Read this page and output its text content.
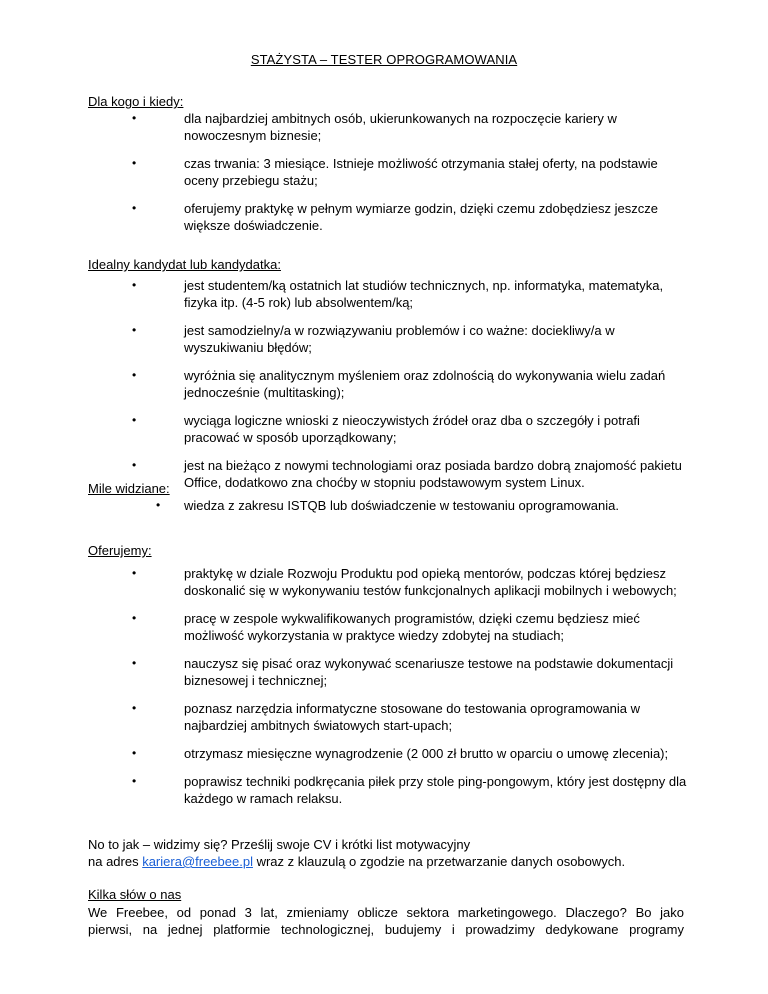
STAŻYSTA – TESTER OPROGRAMOWANIA
Dla kogo i kiedy:
•	dla najbardziej ambitnych osób, ukierunkowanych na rozpoczęcie kariery w nowoczesnym biznesie;
•	czas trwania: 3 miesiące. Istnieje możliwość otrzymania stałej oferty, na podstawie oceny przebiegu stażu;
•	oferujemy praktykę w pełnym wymiarze godzin, dzięki czemu zdobędziesz jeszcze większe doświadczenie.
Idealny kandydat lub kandydatka:
•	jest studentem/ką ostatnich lat studiów technicznych, np. informatyka, matematyka, fizyka itp. (4-5 rok) lub absolwentem/ką;
•	jest samodzielny/a w rozwiązywaniu problemów i co ważne: dociekliwy/a w wyszukiwaniu błędów;
•	wyróżnia się analitycznym myśleniem oraz zdolnością do wykonywania wielu zadań jednocześnie (multitasking);
•	wyciąga logiczne wnioski z nieoczywistych źródeł oraz dba o szczegóły i potrafi pracować w sposób uporządkowany;
•	jest na bieżąco z nowymi technologiami oraz posiada bardzo dobrą znajomość pakietu Office, dodatkowo zna choćby w stopniu podstawowym system Linux.
Mile widziane:
• wiedza z zakresu ISTQB lub doświadczenie w testowaniu oprogramowania.
Oferujemy:
•	praktykę w dziale Rozwoju Produktu pod opieką mentorów, podczas której będziesz doskonalić się w wykonywaniu testów funkcjonalnych aplikacji mobilnych i webowych;
•	pracę w zespole wykwalifikowanych programistów, dzięki czemu będziesz mieć możliwość wykorzystania w praktyce wiedzy zdobytej na studiach;
•	nauczysz się pisać oraz wykonywać scenariusze testowe na podstawie dokumentacji biznesowej i technicznej;
•	poznasz narzędzia informatyczne stosowane do testowania oprogramowania w najbardziej ambitnych światowych start-upach;
•	otrzymasz miesięczne wynagrodzenie (2 000 zł brutto w oparciu o umowę zlecenia);
•	poprawisz techniki podkręcania piłek przy stole ping-pongowym, który jest dostępny dla każdego w ramach relaksu.
No to jak – widzimy się? Prześlij swoje CV i krótki list motywacyjny
na adres kariera@freebee.pl wraz z klauzulą o zgodzie na przetwarzanie danych osobowych.
Kilka słów o nas
We Freebee, od ponad 3 lat, zmieniamy oblicze sektora marketingowego. Dlaczego? Bo jako
pierwsi, na jednej platformie technologicznej, budujemy i prowadzimy dedykowane programy
